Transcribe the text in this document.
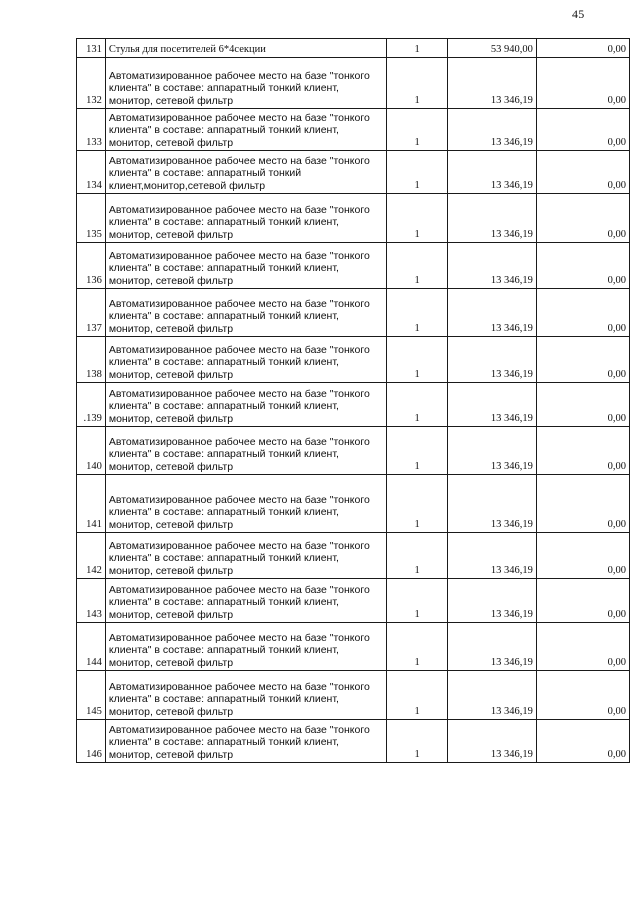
45
131	Стулья для посетителей 6*4секции	1	53 940,00	0,00
132	Автоматизированное рабочее место на базе "тонкого клиента" в составе: аппаратный тонкий клиент, монитор, сетевой фильтр	1	13 346,19	0,00
133	Автоматизированное рабочее место на базе "тонкого клиента" в составе: аппаратный тонкий клиент, монитор, сетевой фильтр	1	13 346,19	0,00
134	Автоматизированное рабочее место на базе "тонкого клиента" в составе: аппаратный тонкий клиент,монитор,сетевой фильтр	1	13 346,19	0,00
135	Автоматизированное рабочее место на базе "тонкого клиента" в составе: аппаратный тонкий клиент, монитор, сетевой фильтр	1	13 346,19	0,00
136	Автоматизированное рабочее место на базе "тонкого клиента" в составе: аппаратный тонкий клиент, монитор, сетевой фильтр	1	13 346,19	0,00
137	Автоматизированное рабочее место на базе "тонкого клиента" в составе: аппаратный тонкий клиент, монитор, сетевой фильтр	1	13 346,19	0,00
138	Автоматизированное рабочее место на базе "тонкого клиента" в составе: аппаратный тонкий клиент, монитор, сетевой фильтр	1	13 346,19	0,00
.139	Автоматизированное рабочее место на базе "тонкого клиента" в составе: аппаратный тонкий клиент, монитор, сетевой фильтр	1	13 346,19	0,00
140	Автоматизированное рабочее место на базе "тонкого клиента" в составе: аппаратный тонкий клиент, монитор, сетевой фильтр	1	13 346,19	0,00
141	Автоматизированное рабочее место на базе "тонкого клиента" в составе: аппаратный тонкий клиент, монитор, сетевой фильтр	1	13 346,19	0,00
142	Автоматизированное рабочее место на базе "тонкого клиента" в составе: аппаратный тонкий клиент, монитор, сетевой фильтр	1	13 346,19	0,00
143	Автоматизированное рабочее место на базе "тонкого клиента" в составе: аппаратный тонкий клиент, монитор, сетевой фильтр	1	13 346,19	0,00
144	Автоматизированное рабочее место на базе "тонкого клиента" в составе: аппаратный тонкий клиент, монитор, сетевой фильтр	1	13 346,19	0,00
145	Автоматизированное рабочее место на базе "тонкого клиента" в составе: аппаратный тонкий клиент, монитор, сетевой фильтр	1	13 346,19	0,00
146	Автоматизированное рабочее место на базе "тонкого клиента" в составе: аппаратный тонкий клиент, монитор, сетевой фильтр	1	13 346,19	0,00
